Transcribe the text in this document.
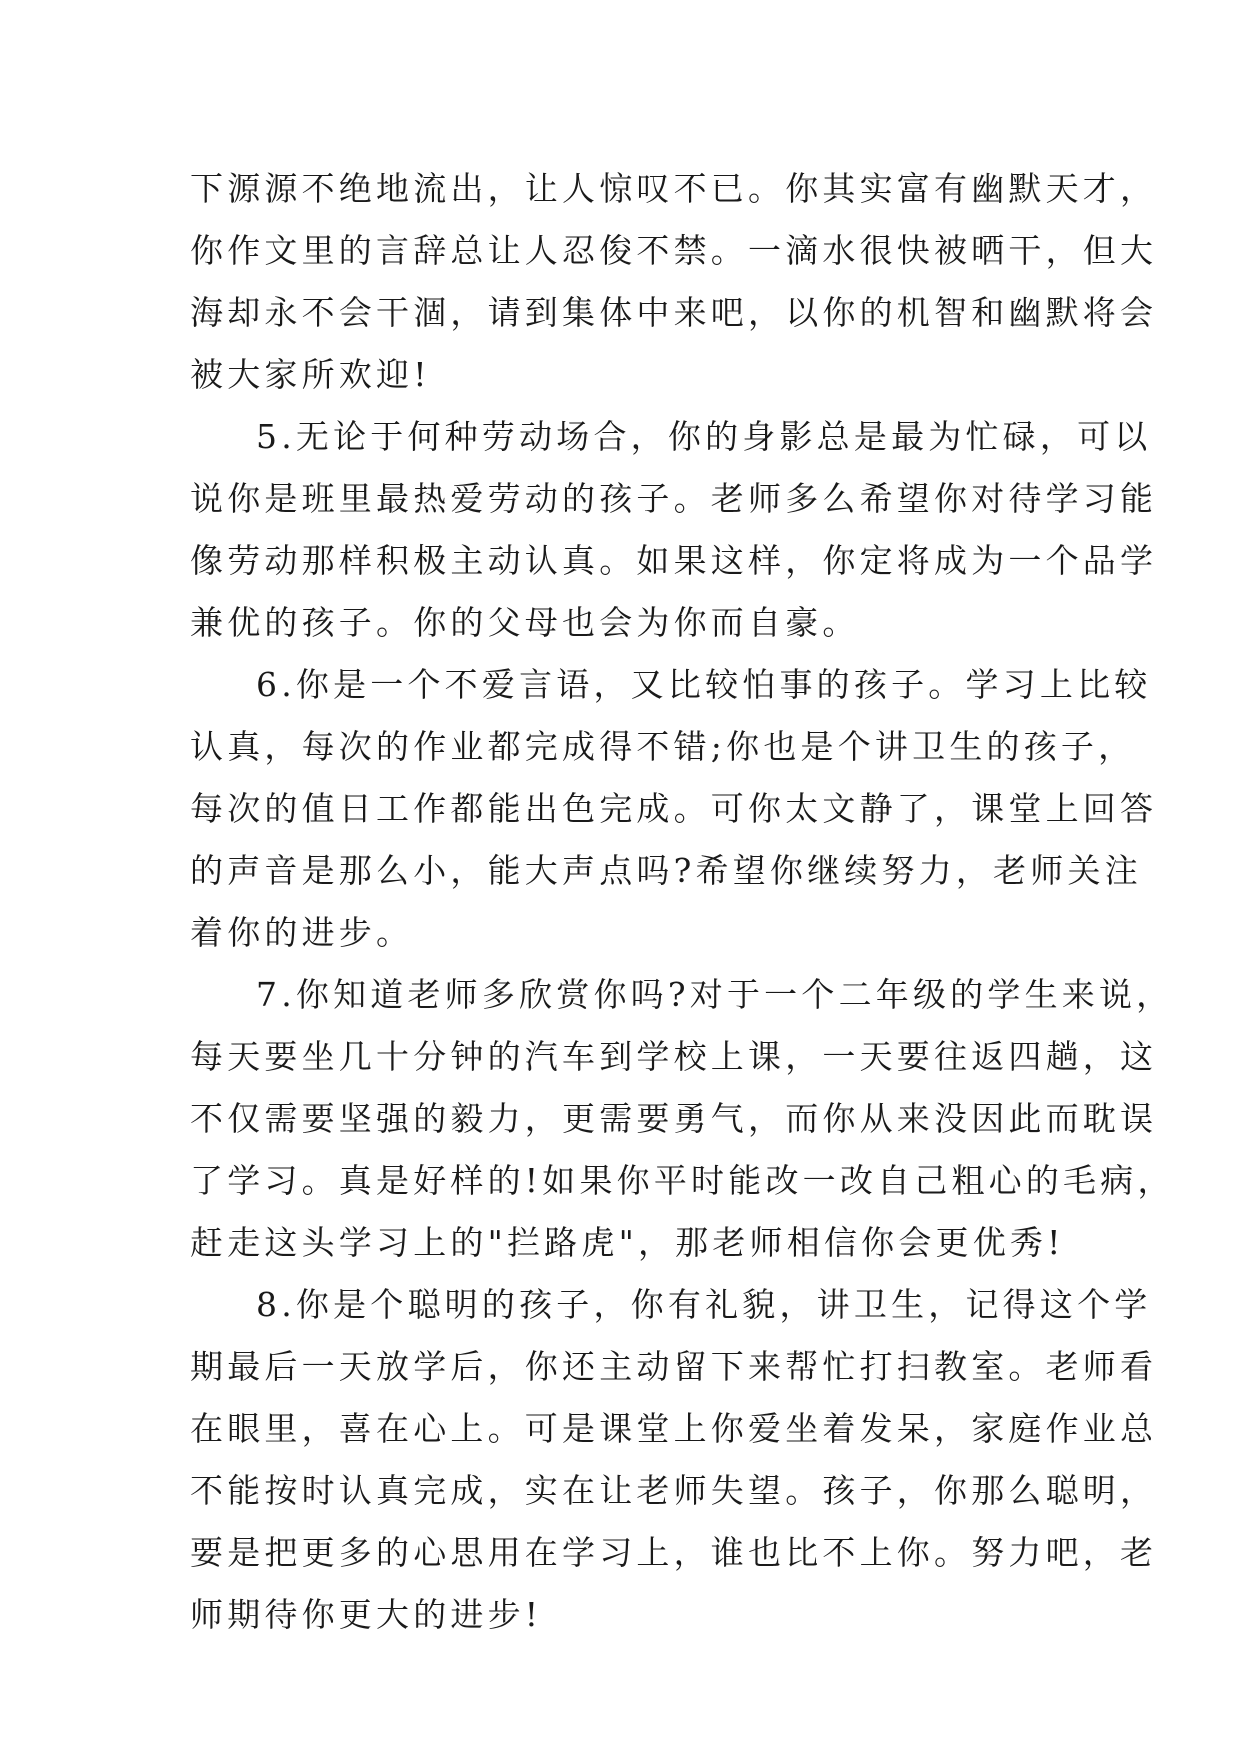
下源源不绝地流出，让人惊叹不已。你其实富有幽默天才，
你作文里的言辞总让人忍俊不禁。一滴水很快被晒干，但大
海却永不会干涸，请到集体中来吧，以你的机智和幽默将会
被大家所欢迎!
5.无论于何种劳动场合，你的身影总是最为忙碌，可以
说你是班里最热爱劳动的孩子。老师多么希望你对待学习能
像劳动那样积极主动认真。如果这样，你定将成为一个品学
兼优的孩子。你的父母也会为你而自豪。
6.你是一个不爱言语，又比较怕事的孩子。学习上比较
认真，每次的作业都完成得不错;你也是个讲卫生的孩子，
每次的值日工作都能出色完成。可你太文静了，课堂上回答
的声音是那么小，能大声点吗?希望你继续努力，老师关注
着你的进步。
7.你知道老师多欣赏你吗?对于一个二年级的学生来说，
每天要坐几十分钟的汽车到学校上课，一天要往返四趟，这
不仅需要坚强的毅力，更需要勇气，而你从来没因此而耽误
了学习。真是好样的!如果你平时能改一改自己粗心的毛病，
赶走这头学习上的"拦路虎"，那老师相信你会更优秀!
8.你是个聪明的孩子，你有礼貌，讲卫生，记得这个学
期最后一天放学后，你还主动留下来帮忙打扫教室。老师看
在眼里，喜在心上。可是课堂上你爱坐着发呆，家庭作业总
不能按时认真完成，实在让老师失望。孩子，你那么聪明，
要是把更多的心思用在学习上，谁也比不上你。努力吧，老
师期待你更大的进步!
